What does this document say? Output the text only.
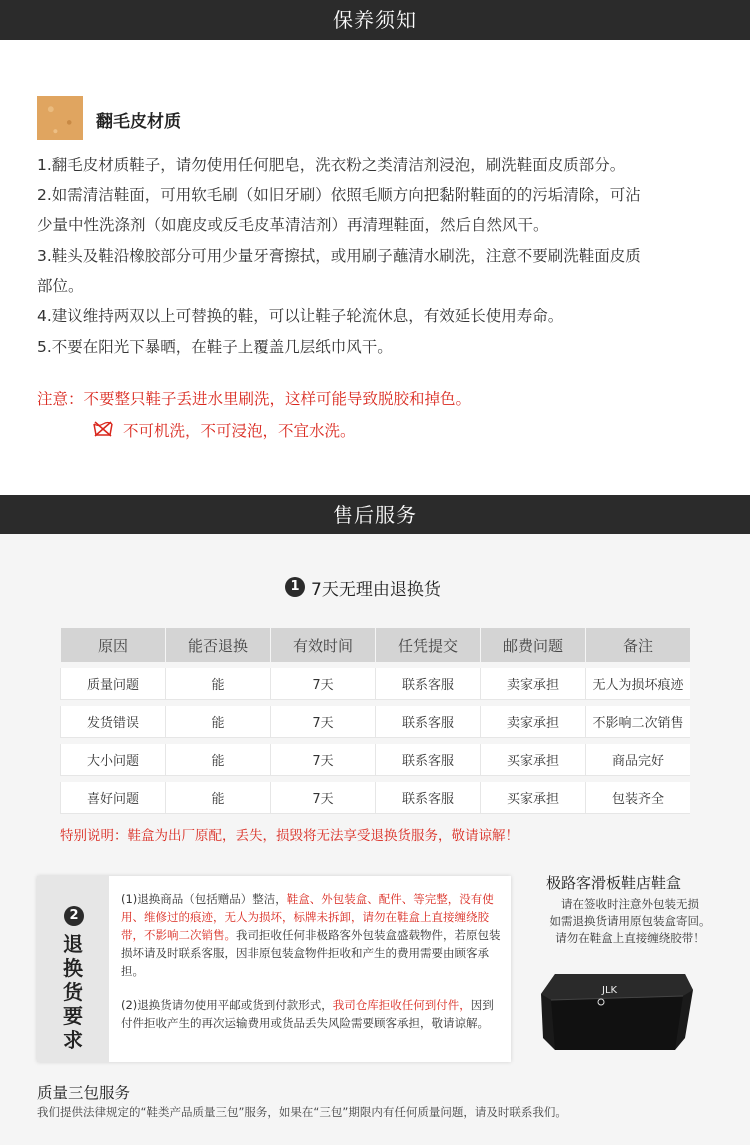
保养须知
翻毛皮材质
1.翻毛皮材质鞋子，请勿使用任何肥皂，洗衣粉之类清洁剂浸泡，刷洗鞋面皮质部分。
2.如需清洁鞋面，可用软毛刷（如旧牙刷）依照毛顺方向把黏附鞋面的的污垢清除，可沾
少量中性洗涤剂（如鹿皮或反毛皮革清洁剂）再清理鞋面，然后自然风干。
3.鞋头及鞋沿橡胶部分可用少量牙膏擦拭，或用刷子蘸清水刷洗，注意不要刷洗鞋面皮质
部位。
4.建议维持两双以上可替换的鞋，可以让鞋子轮流休息，有效延长使用寿命。
5.不要在阳光下暴晒，在鞋子上覆盖几层纸巾风干。
注意：不要整只鞋子丢进水里刷洗，这样可能导致脱胶和掉色。
不可机洗，不可浸泡，不宜水洗。
售后服务
1 7天无理由退换货
原因	能否退换	有效时间	任凭提交	邮费问题	备注

质量问题	能	7天	联系客服	卖家承担	无人为损坏痕迹

发货错误	能	7天	联系客服	卖家承担	不影响二次销售

大小问题	能	7天	联系客服	买家承担	商品完好

喜好问题	能	7天	联系客服	买家承担	包装齐全
特别说明：鞋盒为出厂原配，丢失，损毁将无法享受退换货服务，敬请谅解！
2
退换货要求
(1)退换商品（包括赠品）整洁，鞋盒、外包装盒、配件、等完整，没有使用、维修过的痕迹，无人为损坏，标牌未拆卸，请勿在鞋盒上直接缠绕胶带，不影响二次销售。我司拒收任何非极路客外包装盒盛载物件，若原包装损坏请及时联系客服，因非原包装盒物件拒收和产生的费用需要由顾客承担。
(2)退换货请勿使用平邮或货到付款形式，我司仓库拒收任何到付件，因到付件拒收产生的再次运输费用或货品丢失风险需要顾客承担，敬请谅解。
极路客滑板鞋店鞋盒
请在签收时注意外包装无损
如需退换货请用原包装盒寄回。
请勿在鞋盒上直接缠绕胶带！
JLK
质量三包服务
我们提供法律规定的“鞋类产品质量三包”服务，如果在“三包”期限内有任何质量问题，请及时联系我们。
